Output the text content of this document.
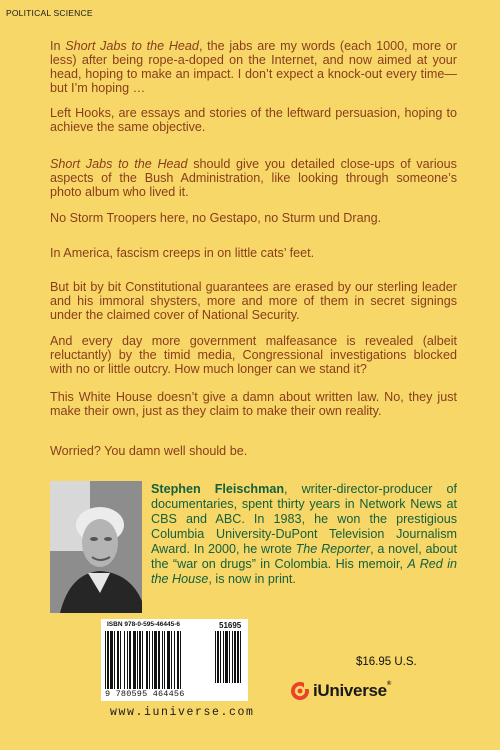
POLITICAL SCIENCE

In Short Jabs to the Head, the jabs are my words (each 1000, more or less) after being rope-a-doped on the Internet, and now aimed at your head, hoping to make an impact. I don’t expect a knock-out every time—but I’m hoping …

Left Hooks, are essays and stories of the leftward persuasion, hoping to achieve the same objective.

Short Jabs to the Head should give you detailed close-ups of various aspects of the Bush Administration, like looking through someone’s photo album who lived it.

No Storm Troopers here, no Gestapo, no Sturm und Drang.

In America, fascism creeps in on little cats’ feet.

But bit by bit Constitutional guarantees are erased by our sterling leader and his immoral shysters, more and more of them in secret signings under the claimed cover of National Security.

And every day more government malfeasance is revealed (albeit reluctantly) by the timid media, Congressional investigations blocked with no or little outcry. How much longer can we stand it?

This White House doesn’t give a damn about written law. No, they just make their own, just as they claim to make their own reality.

Worried? You damn well should be.

Stephen Fleischman, writer-director-producer of documentaries, spent thirty years in Network News at CBS and ABC. In 1983, he won the prestigious Columbia University-DuPont Television Journalism Award. In 2000, he wrote The Reporter, a novel, about the “war on drugs” in Colombia. His memoir, A Red in the House, is now in print.

ISBN 978-0-595-46445-6	51695
9 780595 464456
www.iuniverse.com
$16.95 U.S.
iUniverse®
